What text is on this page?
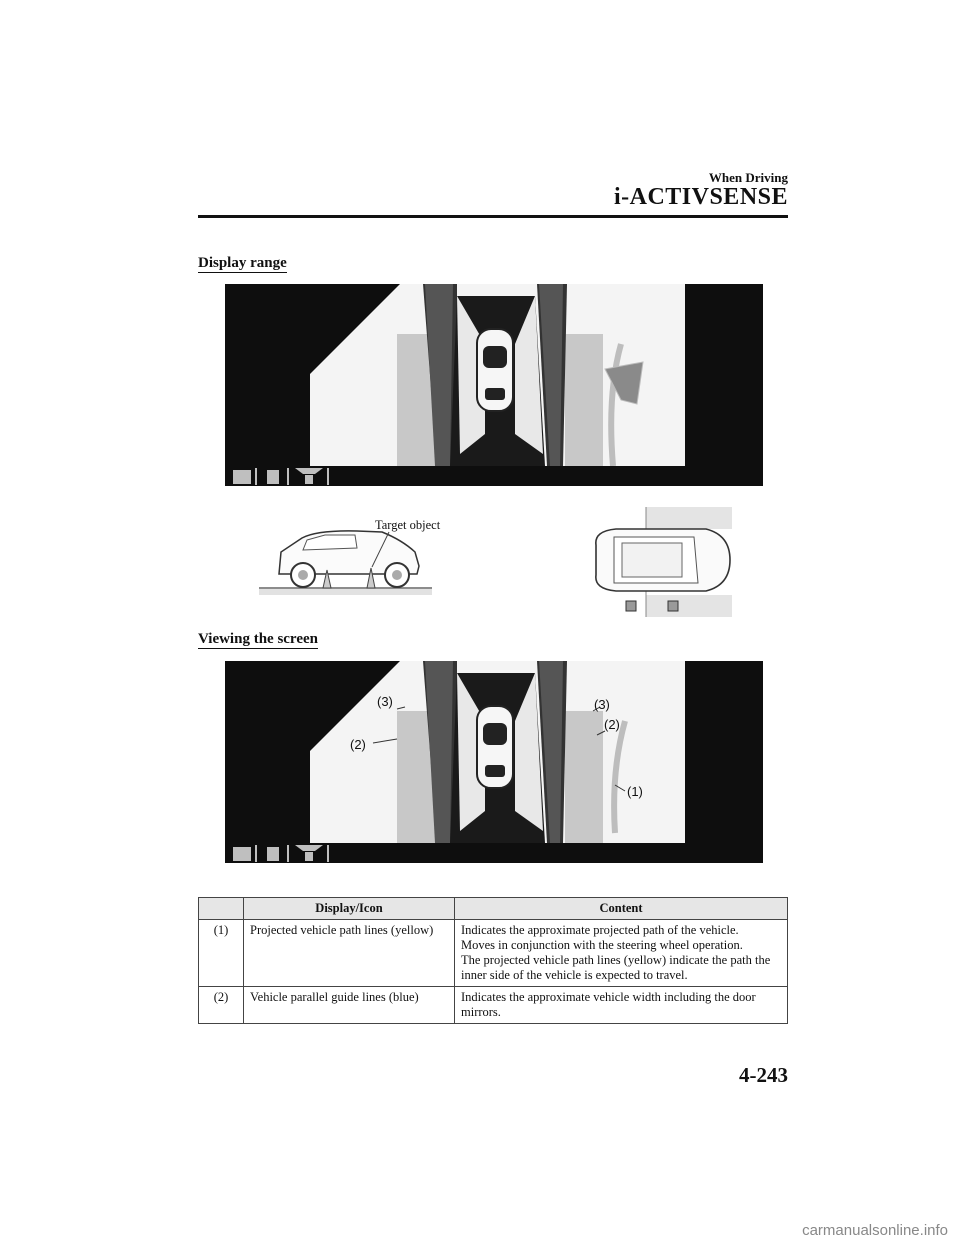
When Driving
i-ACTIVSENSE
Display range
Target object
Viewing the screen
(3)	(3)
(2)
(2)
(1)
	Display/Icon	Content
(1)	Projected vehicle path lines (yellow)	Indicates the approximate projected path of the vehicle.
Moves in conjunction with the steering wheel operation.
The projected vehicle path lines (yellow) indicate the path the inner side of the vehicle is expected to travel.

(2)	Vehicle parallel guide lines (blue)	Indicates the approximate vehicle width including the door mirrors.
4-243
carmanualsonline.info
